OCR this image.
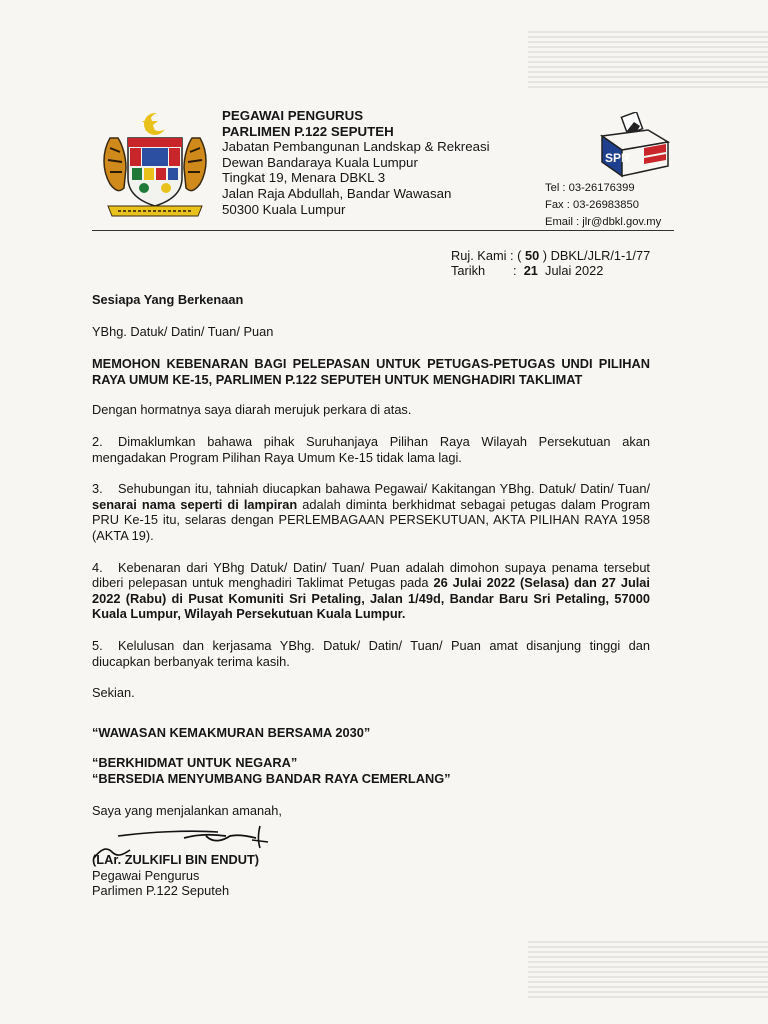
PEGAWAI PENGURUS
PARLIMEN P.122 SEPUTEH
Jabatan Pembangunan Landskap & Rekreasi
Dewan Bandaraya Kuala Lumpur
Tingkat 19, Menara DBKL 3
Jalan Raja Abdullah, Bandar Wawasan
50300 Kuala Lumpur
SPR
Tel : 03-26176399
Fax : 03-26983850
Email : jlr@dbkl.gov.my
Ruj. Kami :
(
50
) DBKL/JLR/1-1/77
Tarikh	:
21
Julai 2022

Sesiapa Yang Berkenaan

YBhg. Datuk/ Datin/ Tuan/ Puan

MEMOHON KEBENARAN BAGI PELEPASAN UNTUK PETUGAS-PETUGAS UNDI PILIHAN RAYA UMUM KE-15, PARLIMEN P.122 SEPUTEH UNTUK MENGHADIRI TAKLIMAT

Dengan hormatnya saya diarah merujuk perkara di atas.

2. Dimaklumkan bahawa pihak Suruhanjaya Pilihan Raya Wilayah Persekutuan akan mengadakan Program Pilihan Raya Umum Ke-15 tidak lama lagi.

3. Sehubungan itu, tahniah diucapkan bahawa Pegawai/ Kakitangan YBhg. Datuk/ Datin/ Tuan/ senarai nama seperti di lampiran adalah diminta berkhidmat sebagai petugas dalam Program PRU Ke-15 itu, selaras dengan PERLEMBAGAAN PERSEKUTUAN, AKTA PILIHAN RAYA 1958 (AKTA 19).

4. Kebenaran dari YBhg Datuk/ Datin/ Tuan/ Puan adalah dimohon supaya penama tersebut diberi pelepasan untuk menghadiri Taklimat Petugas pada 26 Julai 2022 (Selasa) dan 27 Julai 2022 (Rabu) di Pusat Komuniti Sri Petaling, Jalan 1/49d, Bandar Baru Sri Petaling, 57000 Kuala Lumpur, Wilayah Persekutuan Kuala Lumpur.

5. Kelulusan dan kerjasama YBhg. Datuk/ Datin/ Tuan/ Puan amat disanjung tinggi dan diucapkan berbanyak terima kasih.

Sekian.

“WAWASAN KEMAKMURAN BERSAMA 2030”

“BERKHIDMAT UNTUK NEGARA”

“BERSEDIA MENYUMBANG BANDAR RAYA CEMERLANG”

Saya yang menjalankan amanah,

(LAr. ZULKIFLI BIN ENDUT)
Pegawai Pengurus
Parlimen P.122 Seputeh
